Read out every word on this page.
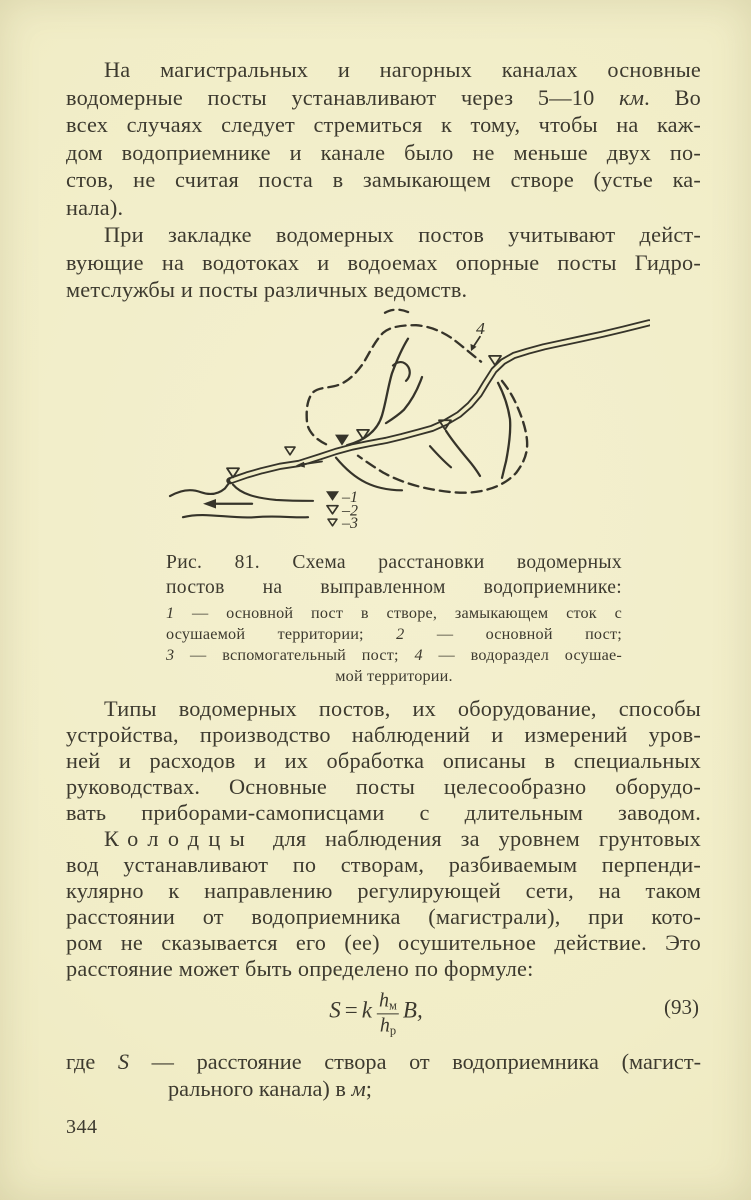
На магистральных и нагорных каналах основные
водомерные посты устанавливают через 5—10 км. Во
всех случаях следует стремиться к тому, чтобы на каж-
дом водоприемнике и канале было не меньше двух по-
стов, не считая поста в замыкающем створе (устье ка-
нала).
При закладке водомерных постов учитывают дейст-
вующие на водотоках и водоемах опорные посты Гидро-
метслужбы и посты различных ведомств.
4
–1
–2
–3
Рис. 81. Схема расстановки водомерных
постов на выправленном водоприемнике:
1 — основной пост в створе, замыкающем сток с
осушаемой территории; 2 — основной пост;
3 — вспомогательный пост; 4 — водораздел осушае-
мой территории.
Типы водомерных постов, их оборудование, способы
устройства, производство наблюдений и измерений уров-
ней и расходов и их обработка описаны в специальных
руководствах. Основные посты целесообразно оборудо-
вать приборами-самописцами с длительным заводом.
Колодцы для наблюдения за уровнем грунтовых
вод устанавливают по створам, разбиваемым перпенди-
кулярно к направлению регулирующей сети, на таком
расстоянии от водоприемника (магистрали), при кото-
ром не сказывается его (ее) осушительное действие. Это
расстояние может быть определено по формуле:
S = k $\frac{h_м}{h_р} B$,	(93)
где S — расстояние створа от водоприемника (магист-
рального канала) в м;
344
